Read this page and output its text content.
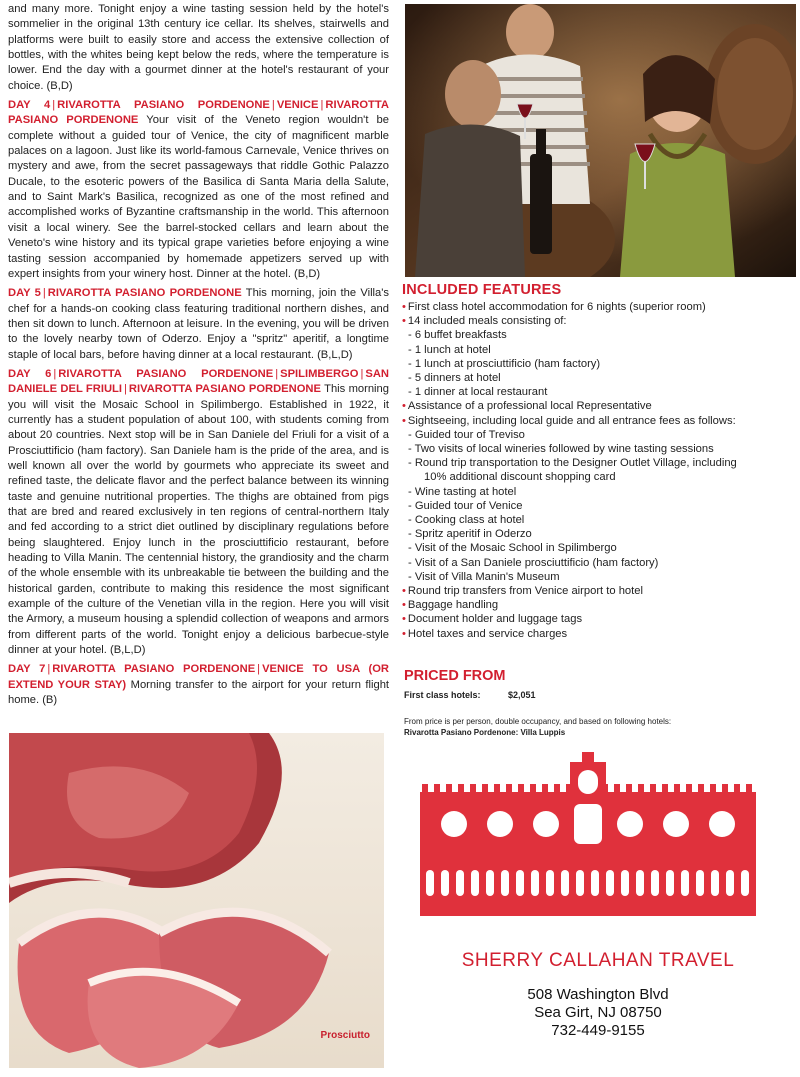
and many more. Tonight enjoy a wine tasting session held by the hotel's sommelier in the original 13th century ice cellar. Its shelves, stairwells and platforms were built to easily store and access the extensive collection of bottles, with the whites being kept below the reds, where the temperature is lower. End the day with a gourmet dinner at the hotel's restaurant of your choice. (B,D)

DAY 4 | RIVAROTTA PASIANO PORDENONE | VENICE | RIVAROTTA PASIANO PORDENONE Your visit of the Veneto region wouldn't be complete without a guided tour of Venice, the city of magnificent marble palaces on a lagoon. Just like its world-famous Carnevale, Venice thrives on mystery and awe, from the secret passageways that riddle Gothic Palazzo Ducale, to the esoteric powers of the Basilica di Santa Maria della Salute, and to Saint Mark's Basilica, recognized as one of the most refined and accomplished works of Byzantine craftsmanship in the world. This afternoon visit a local winery. See the barrel-stocked cellars and learn about the Veneto's wine history and its typical grape varieties before enjoying a wine tasting session accompanied by homemade appetizers served up with expert insights from your winery host. Dinner at the hotel. (B,D)

DAY 5 | RIVAROTTA PASIANO PORDENONE This morning, join the Villa's chef for a hands-on cooking class featuring traditional northern dishes, and then sit down to lunch. Afternoon at leisure. In the evening, you will be driven to the lovely nearby town of Oderzo. Enjoy a "spritz" aperitif, a longtime staple of local bars, before having dinner at a local restaurant. (B,L,D)

DAY 6 | RIVAROTTA PASIANO PORDENONE | SPILIMBERGO | SAN DANIELE DEL FRIULI | RIVAROTTA PASIANO PORDENONE This morning you will visit the Mosaic School in Spilimbergo. Established in 1922, it currently has a student population of about 100, with students coming from about 20 countries. Next stop will be in San Daniele del Friuli for a visit of a Prosciuttificio (ham factory). San Daniele ham is the pride of the area, and is well known all over the world by gourmets who appreciate its sweet and refined taste, the delicate flavor and the perfect balance between its winning taste and genuine nutritional properties. The thighs are obtained from pigs that are bred and reared exclusively in ten regions of central-northern Italy and fed according to a strict diet outlined by disciplinary regulations before being slaughtered. Enjoy lunch in the prosciuttificio restaurant, before heading to Villa Manin. The centennial history, the grandiosity and the charm of the whole ensemble with its unbreakable tie between the building and the historical garden, contribute to making this residence the most significant example of the culture of the Venetian villa in the region. Here you will visit the Armory, a museum housing a splendid collection of weapons and armors from different parts of the world. Tonight enjoy a delicious barbecue-style dinner at your hotel. (B,L,D)

DAY 7 | RIVAROTTA PASIANO PORDENONE | VENICE TO USA (OR EXTEND YOUR STAY) Morning transfer to the airport for your return flight home. (B)

Prosciutto
INCLUDED FEATURES
• First class hotel accommodation for 6 nights (superior room)
• 14 included meals consisting of:
- 6 buffet breakfasts
- 1 lunch at hotel
- 1 lunch at prosciuttificio (ham factory)
- 5 dinners at hotel
- 1 dinner at local restaurant
• Assistance of a professional local Representative
• Sightseeing, including local guide and all entrance fees as follows:
- Guided tour of Treviso
- Two visits of local wineries followed by wine tasting sessions
- Round trip transportation to the Designer Outlet Village, including
10% additional discount shopping card
- Wine tasting at hotel
- Guided tour of Venice
- Cooking class at hotel
- Spritz aperitif in Oderzo
- Visit of the Mosaic School in Spilimbergo
- Visit of a San Daniele prosciuttificio (ham factory)
- Visit of Villa Manin's Museum
• Round trip transfers from Venice airport to hotel
• Baggage handling
• Document holder and luggage tags
• Hotel taxes and service charges
PRICED FROM
First class hotels:	$2,051
From price is per person, double occupancy, and based on following hotels:
Rivarotta Pasiano Pordenone: Villa Luppis
SHERRY CALLAHAN TRAVEL
508 Washington Blvd
Sea Girt, NJ 08750
732-449-9155
